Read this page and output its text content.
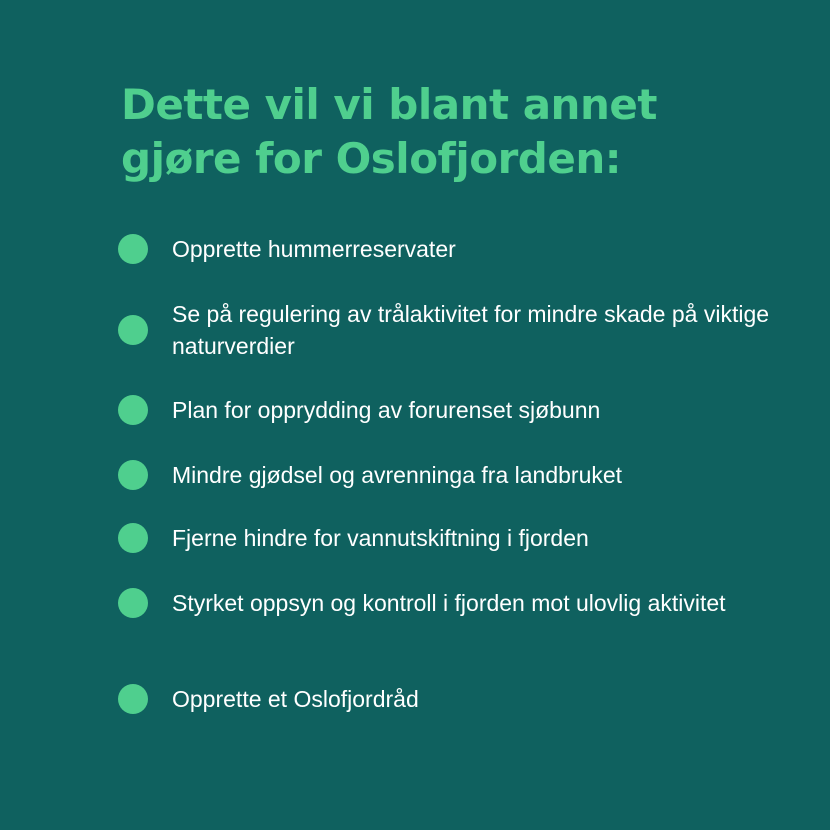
Dette vil vi blant annet
gjøre for Oslofjorden:
Opprette hummerreservater
Se på regulering av trålaktivitet for mindre skade på viktige naturverdier
Plan for opprydding av forurenset sjøbunn
Mindre gjødsel og avrenninga fra landbruket
Fjerne hindre for vannutskiftning i fjorden
Styrket oppsyn og kontroll i fjorden mot ulovlig aktivitet
Opprette et Oslofjordråd
